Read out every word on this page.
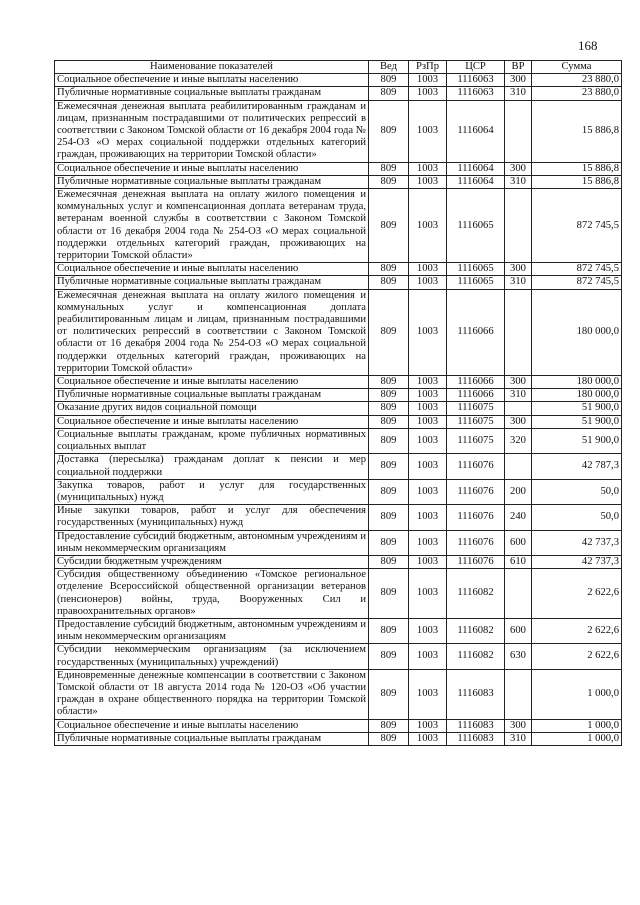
168
Наименование показателей	Вед	РзПр	ЦСР	ВР	Сумма
Социальное обеспечение и иные выплаты населению	809	1003	1116063	300	23 880,0
Публичные нормативные социальные выплаты гражданам	809	1003	1116063	310	23 880,0
Ежемесячная денежная выплата реабилитированным гражданам и лицам, признанным пострадавшими от политических репрессий в соответствии с Законом Томской области от 16 декабря 2004 года № 254-ОЗ «О мерах социальной поддержки отдельных категорий граждан, проживающих на территории Томской области»	809	1003	1116064		15 886,8
Социальное обеспечение и иные выплаты населению	809	1003	1116064	300	15 886,8
Публичные нормативные социальные выплаты гражданам	809	1003	1116064	310	15 886,8
Ежемесячная денежная выплата на оплату жилого помещения и коммунальных услуг и компенсационная доплата ветеранам труда, ветеранам военной службы в соответствии с Законом Томской области от 16 декабря 2004 года № 254-ОЗ «О мерах социальной поддержки отдельных категорий граждан, проживающих на территории Томской области»	809	1003	1116065		872 745,5
Социальное обеспечение и иные выплаты населению	809	1003	1116065	300	872 745,5
Публичные нормативные социальные выплаты гражданам	809	1003	1116065	310	872 745,5
Ежемесячная денежная выплата на оплату жилого помещения и коммунальных услуг и компенсационная доплата реабилитированным лицам и лицам, признанным пострадавшими от политических репрессий в соответствии с Законом Томской области от 16 декабря 2004 года № 254-ОЗ «О мерах социальной поддержки отдельных категорий граждан, проживающих на территории Томской области»	809	1003	1116066		180 000,0
Социальное обеспечение и иные выплаты населению	809	1003	1116066	300	180 000,0
Публичные нормативные социальные выплаты гражданам	809	1003	1116066	310	180 000,0
Оказание других видов социальной помощи	809	1003	1116075		51 900,0
Социальное обеспечение и иные выплаты населению	809	1003	1116075	300	51 900,0
Социальные выплаты гражданам, кроме публичных нормативных социальных выплат	809	1003	1116075	320	51 900,0
Доставка (пересылка) гражданам доплат к пенсии и мер социальной поддержки	809	1003	1116076		42 787,3
Закупка товаров, работ и услуг для государственных (муниципальных) нужд	809	1003	1116076	200	50,0
Иные закупки товаров, работ и услуг для обеспечения государственных (муниципальных) нужд	809	1003	1116076	240	50,0
Предоставление субсидий бюджетным, автономным учреждениям и иным некоммерческим организациям	809	1003	1116076	600	42 737,3
Субсидии бюджетным учреждениям	809	1003	1116076	610	42 737,3
Субсидия общественному объединению «Томское региональное отделение Всероссийской общественной организации ветеранов (пенсионеров) войны, труда, Вооруженных Сил и правоохранительных органов»	809	1003	1116082		2 622,6
Предоставление субсидий бюджетным, автономным учреждениям и иным некоммерческим организациям	809	1003	1116082	600	2 622,6
Субсидии некоммерческим организациям (за исключением государственных (муниципальных) учреждений)	809	1003	1116082	630	2 622,6
Единовременные денежные компенсации в соответствии с Законом Томской области от 18 августа 2014 года № 120-ОЗ «Об участии граждан в охране общественного порядка на территории Томской области»	809	1003	1116083		1 000,0
Социальное обеспечение и иные выплаты населению	809	1003	1116083	300	1 000,0
Публичные нормативные социальные выплаты гражданам	809	1003	1116083	310	1 000,0
